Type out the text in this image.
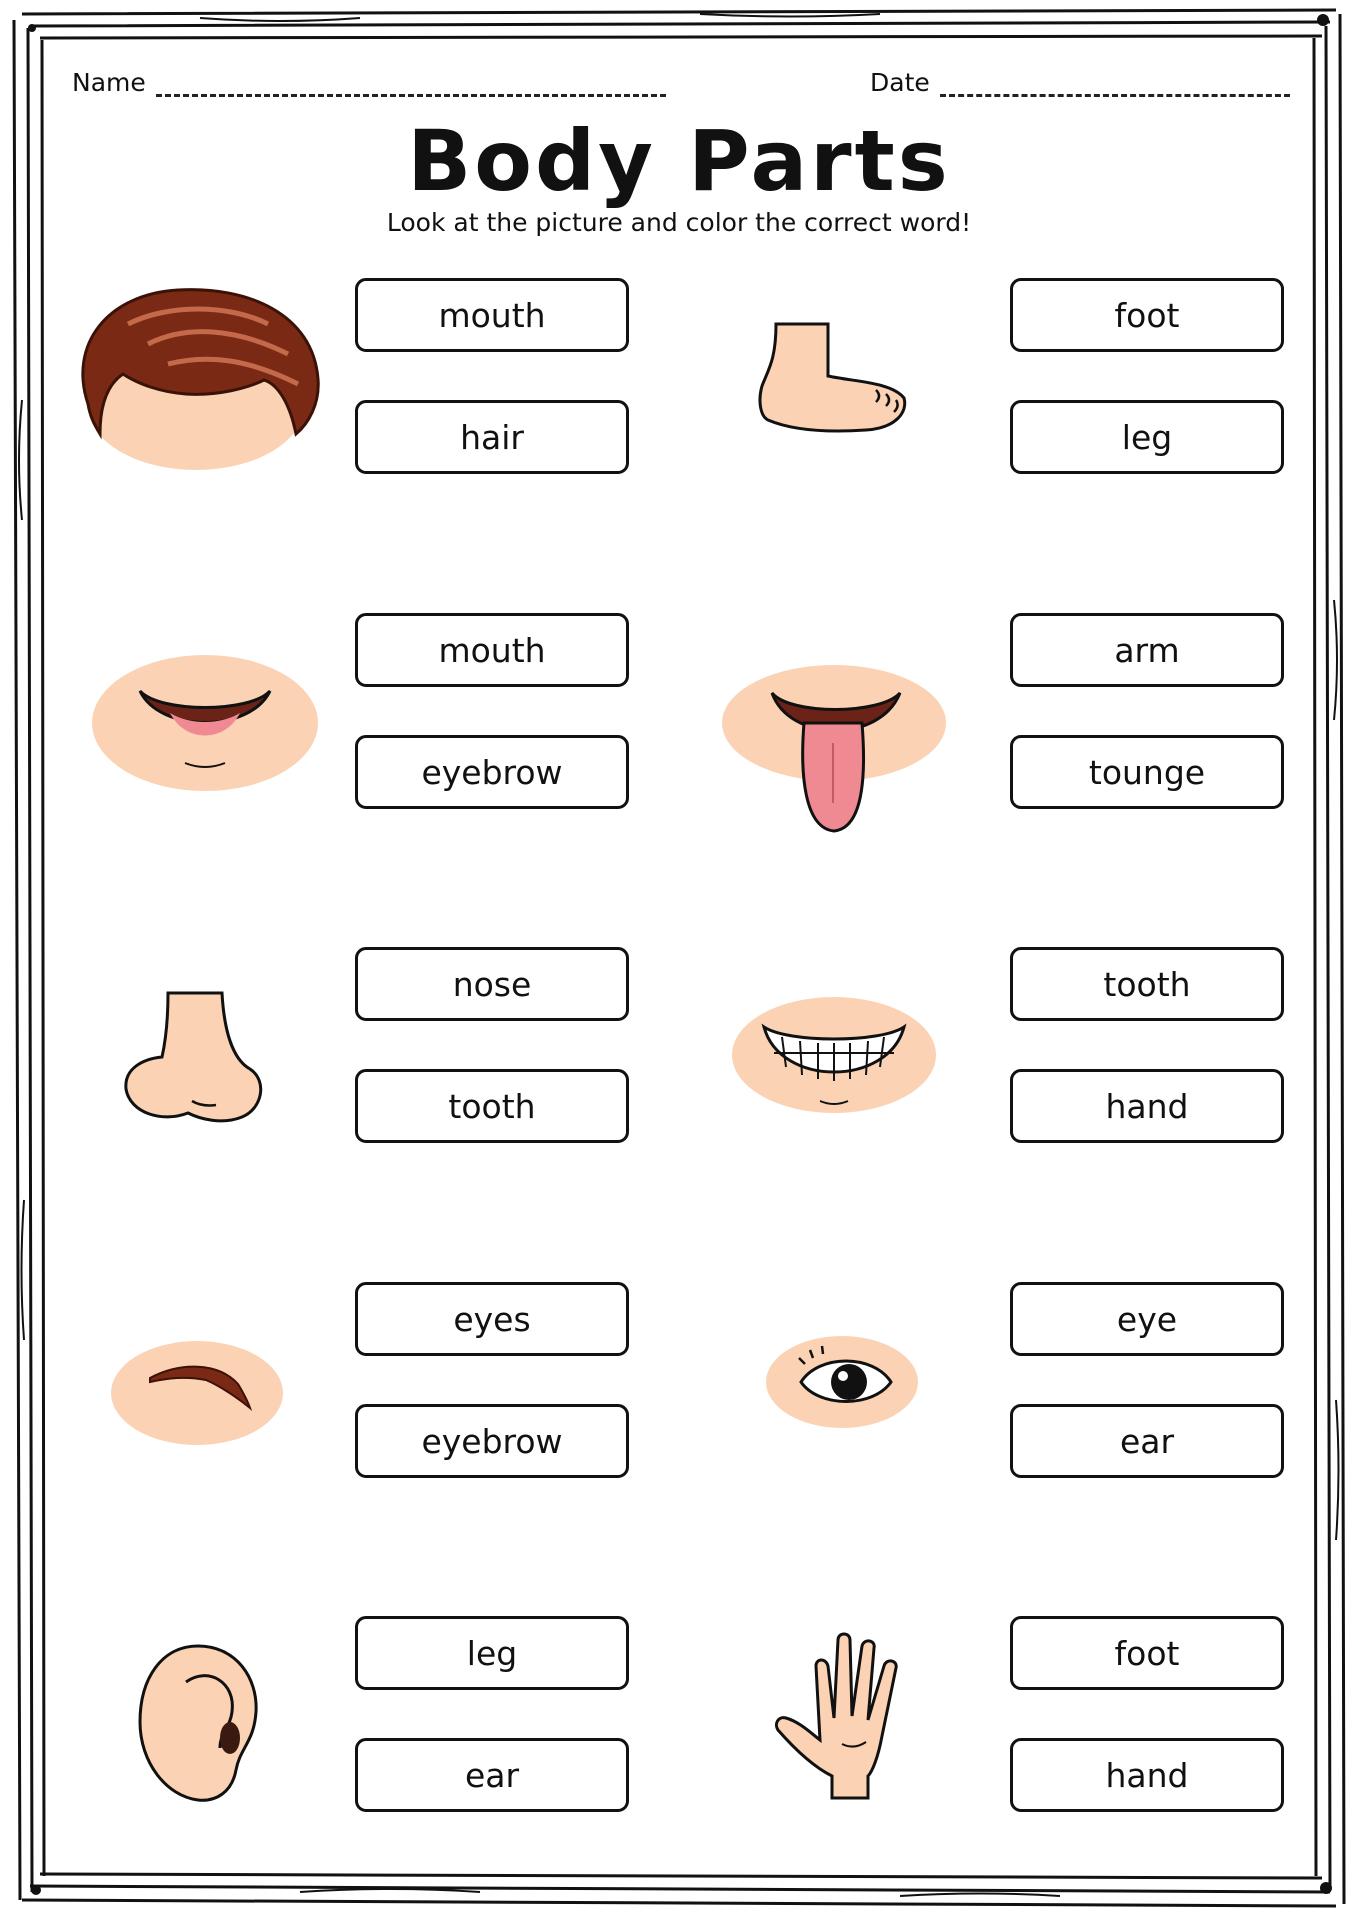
Name	Date
Body Parts
Look at the picture and color the correct word!
mouth
hair
foot
leg
mouth
eyebrow
arm
tounge
nose
tooth
tooth
hand
eyes
eyebrow
eye
ear
leg
ear
foot
hand
